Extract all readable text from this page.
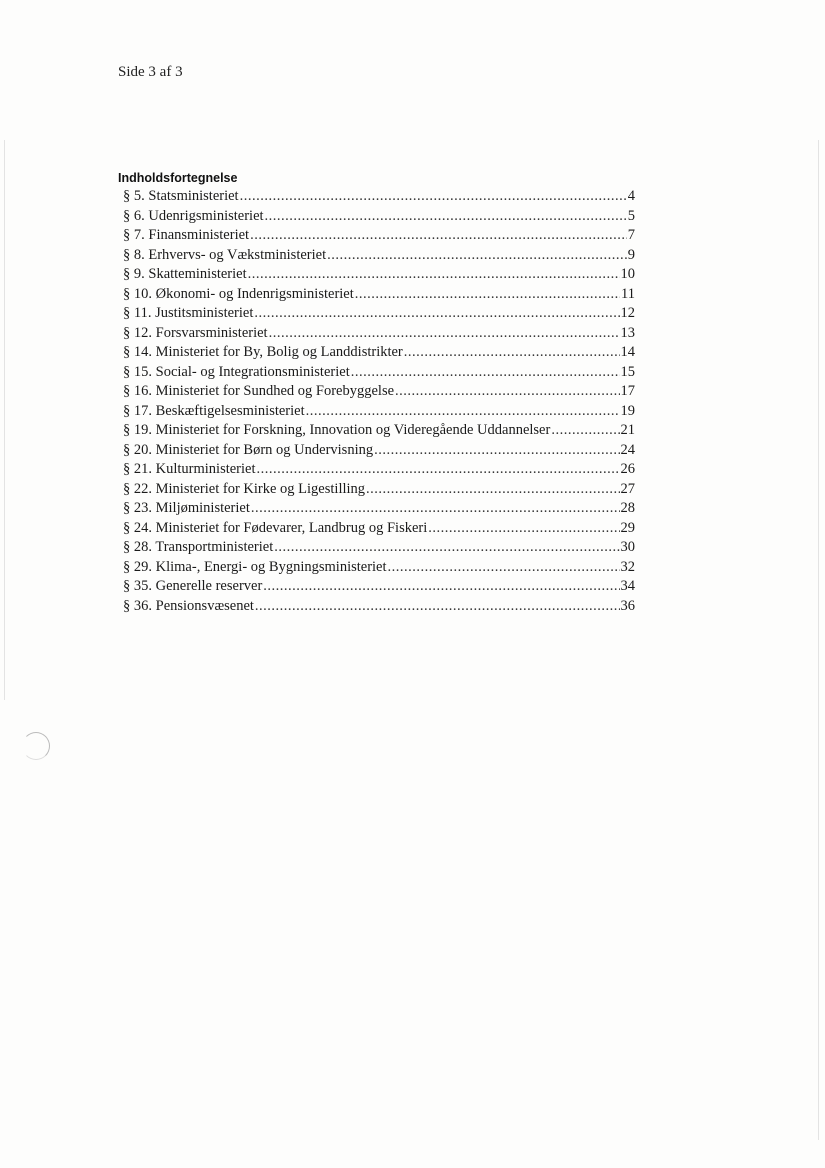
Side 3 af 3
Indholdsfortegnelse
§ 5. Statsministeriet .....	4
§ 6. Udenrigsministeriet .....	5
§ 7. Finansministeriet .....	7
§ 8. Erhvervs- og Vækstministeriet .....	9
§ 9. Skatteministeriet .....	10
§ 10. Økonomi- og Indenrigsministeriet .....	11
§ 11. Justitsministeriet .....	12
§ 12. Forsvarsministeriet .....	13
§ 14. Ministeriet for By, Bolig og Landdistrikter .....	14
§ 15. Social- og Integrationsministeriet .....	15
§ 16. Ministeriet for Sundhed og Forebyggelse .....	17
§ 17. Beskæftigelsesministeriet .....	19
§ 19. Ministeriet for Forskning, Innovation og Videregående Uddannelser .....	21
§ 20. Ministeriet for Børn og Undervisning .....	24
§ 21. Kulturministeriet .....	26
§ 22. Ministeriet for Kirke og Ligestilling .....	27
§ 23. Miljøministeriet .....	28
§ 24. Ministeriet for Fødevarer, Landbrug og Fiskeri .....	29
§ 28. Transportministeriet .....	30
§ 29. Klima-, Energi- og Bygningsministeriet .....	32
§ 35. Generelle reserver .....	34
§ 36. Pensionsvæsenet .....	36
